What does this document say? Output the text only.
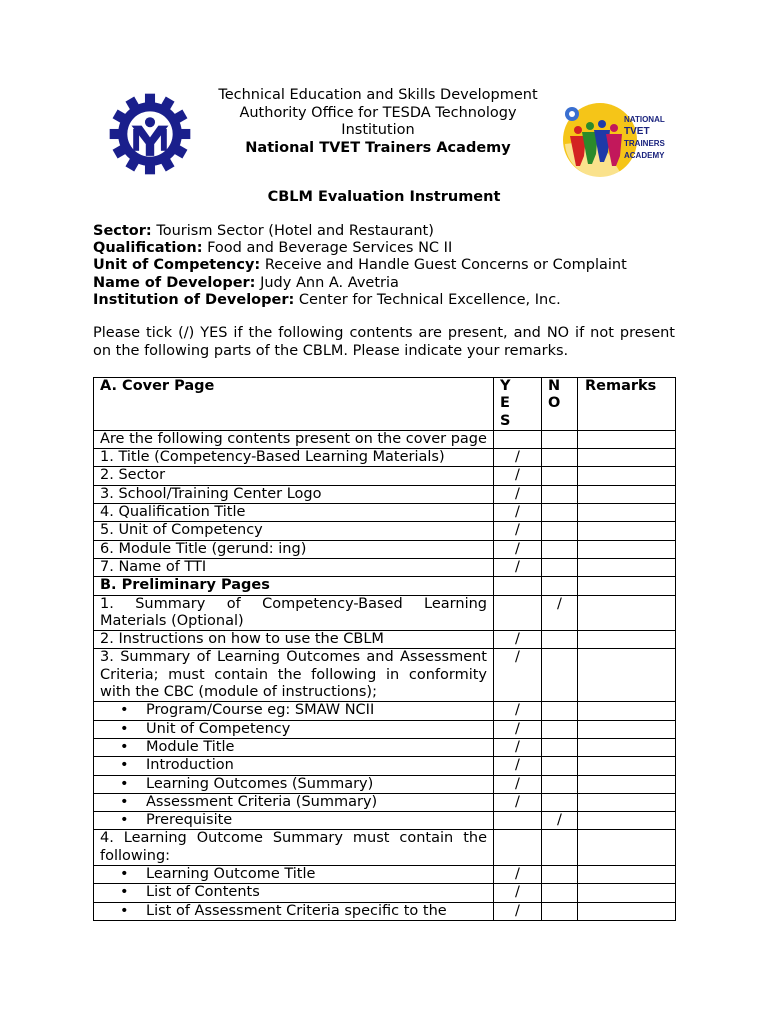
NATIONAL
TVET
TRAINERS
ACADEMY
Technical Education and Skills Development
Authority Office for TESDA Technology
Institution
National TVET Trainers Academy
CBLM Evaluation Instrument
Sector: Tourism Sector (Hotel and Restaurant)
Qualification: Food and Beverage Services NC II
Unit of Competency: Receive and Handle Guest Concerns or Complaint
Name of Developer: Judy Ann A. Avetria
Institution of Developer: Center for Technical Excellence, Inc.
Please tick (/) YES if the following contents are present, and NO if not present on the following parts of the CBLM. Please indicate your remarks.
A. Cover Page	YES	NO	Remarks
Are the following contents present on the cover page			
1. Title (Competency-Based Learning Materials)	/		
2. Sector	/		
3. School/Training Center Logo	/		
4. Qualification Title	/		
5. Unit of Competency	/		
6. Module Title (gerund: ing)	/		
7. Name of TTI	/		
B. Preliminary Pages			
1. Summary of Competency-Based Learning Materials (Optional)		/	
2. Instructions on how to use the CBLM	/		
3. Summary of Learning Outcomes and Assessment Criteria; must contain the following in conformity with the CBC (module of instructions);	/		

• Program/Course eg: SMAW NCII	/		

• Unit of Competency	/		

• Module Title	/		

• Introduction	/		

• Learning Outcomes (Summary)	/		

• Assessment Criteria (Summary)	/		

• Prerequisite		/	
4. Learning Outcome Summary must contain the following:			

• Learning Outcome Title	/		

• List of Contents	/		

• List of Assessment Criteria specific to the	/		
